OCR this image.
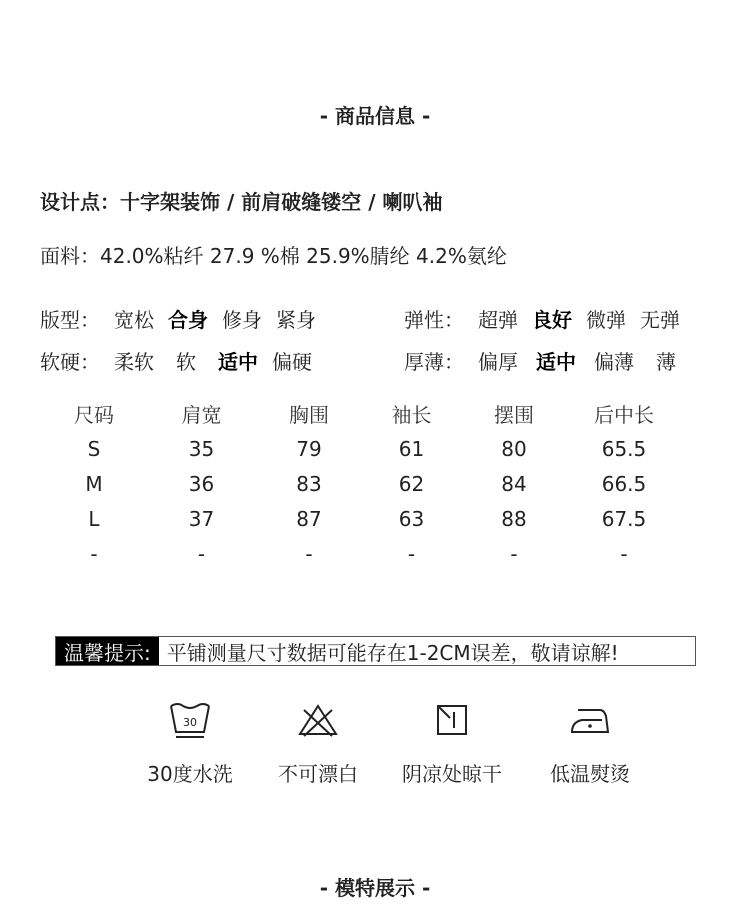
- 商品信息 -
设计点：十字架装饰 / 前肩破缝镂空 / 喇叭袖
面料：42.0%粘纤 27.9 %棉 25.9%腈纶 4.2%氨纶
版型： 宽松 合身 修身 紧身	弹性： 超弹 良好 微弹 无弹
软硬： 柔软 软 适中 偏硬	厚薄： 偏厚 适中 偏薄 薄
尺码	肩宽	胸围	袖长	摆围	后中长
S	35	79	61	80	65.5
M	36	83	62	84	66.5
L	37	87	63	88	67.5
-	-	-	-	-	-
温馨提示: 平铺测量尺寸数据可能存在1-2CM误差，敬请谅解!
30
30度水洗	不可漂白	阴凉处晾干	低温熨烫
- 模特展示 -
